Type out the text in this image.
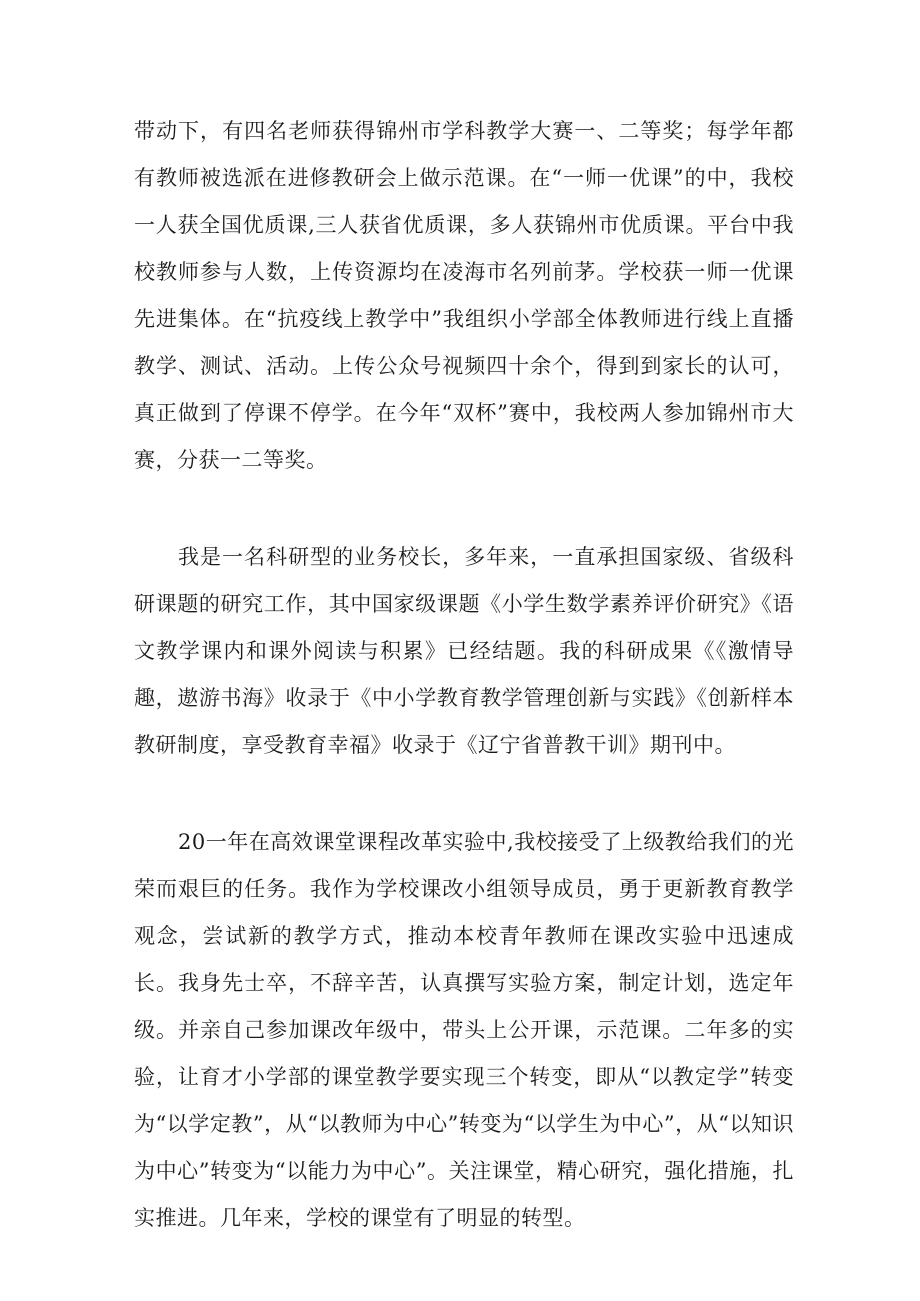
带动下，有四名老师获得锦州市学科教学大赛一、二等奖；每学年都有教师被选派在进修教研会上做示范课。在“一师一优课”的中，我校一人获全国优质课,三人获省优质课，多人获锦州市优质课。平台中我校教师参与人数，上传资源均在凌海市名列前茅。学校获一师一优课先进集体。在“抗疫线上教学中”我组织小学部全体教师进行线上直播教学、测试、活动。上传公众号视频四十余个，得到到家长的认可，真正做到了停课不停学。在今年“双杯”赛中，我校两人参加锦州市大赛，分获一二等奖。

我是一名科研型的业务校长，多年来，一直承担国家级、省级科研课题的研究工作，其中国家级课题《小学生数学素养评价研究》《语文教学课内和课外阅读与积累》已经结题。我的科研成果《《激情导趣，遨游书海》收录于《中小学教育教学管理创新与实践》《创新样本教研制度，享受教育幸福》收录于《辽宁省普教干训》期刊中。

20一年在高效课堂课程改革实验中,我校接受了上级教给我们的光荣而艰巨的任务。我作为学校课改小组领导成员，勇于更新教育教学观念，尝试新的教学方式，推动本校青年教师在课改实验中迅速成长。我身先士卒，不辞辛苦，认真撰写实验方案，制定计划，选定年级。并亲自己参加课改年级中，带头上公开课，示范课。二年多的实验，让育才小学部的课堂教学要实现三个转变，即从“以教定学”转变为“以学定教”，从“以教师为中心”转变为“以学生为中心”，从“以知识为中心”转变为“以能力为中心”。关注课堂，精心研究，强化措施，扎实推进。几年来，学校的课堂有了明显的转型。
